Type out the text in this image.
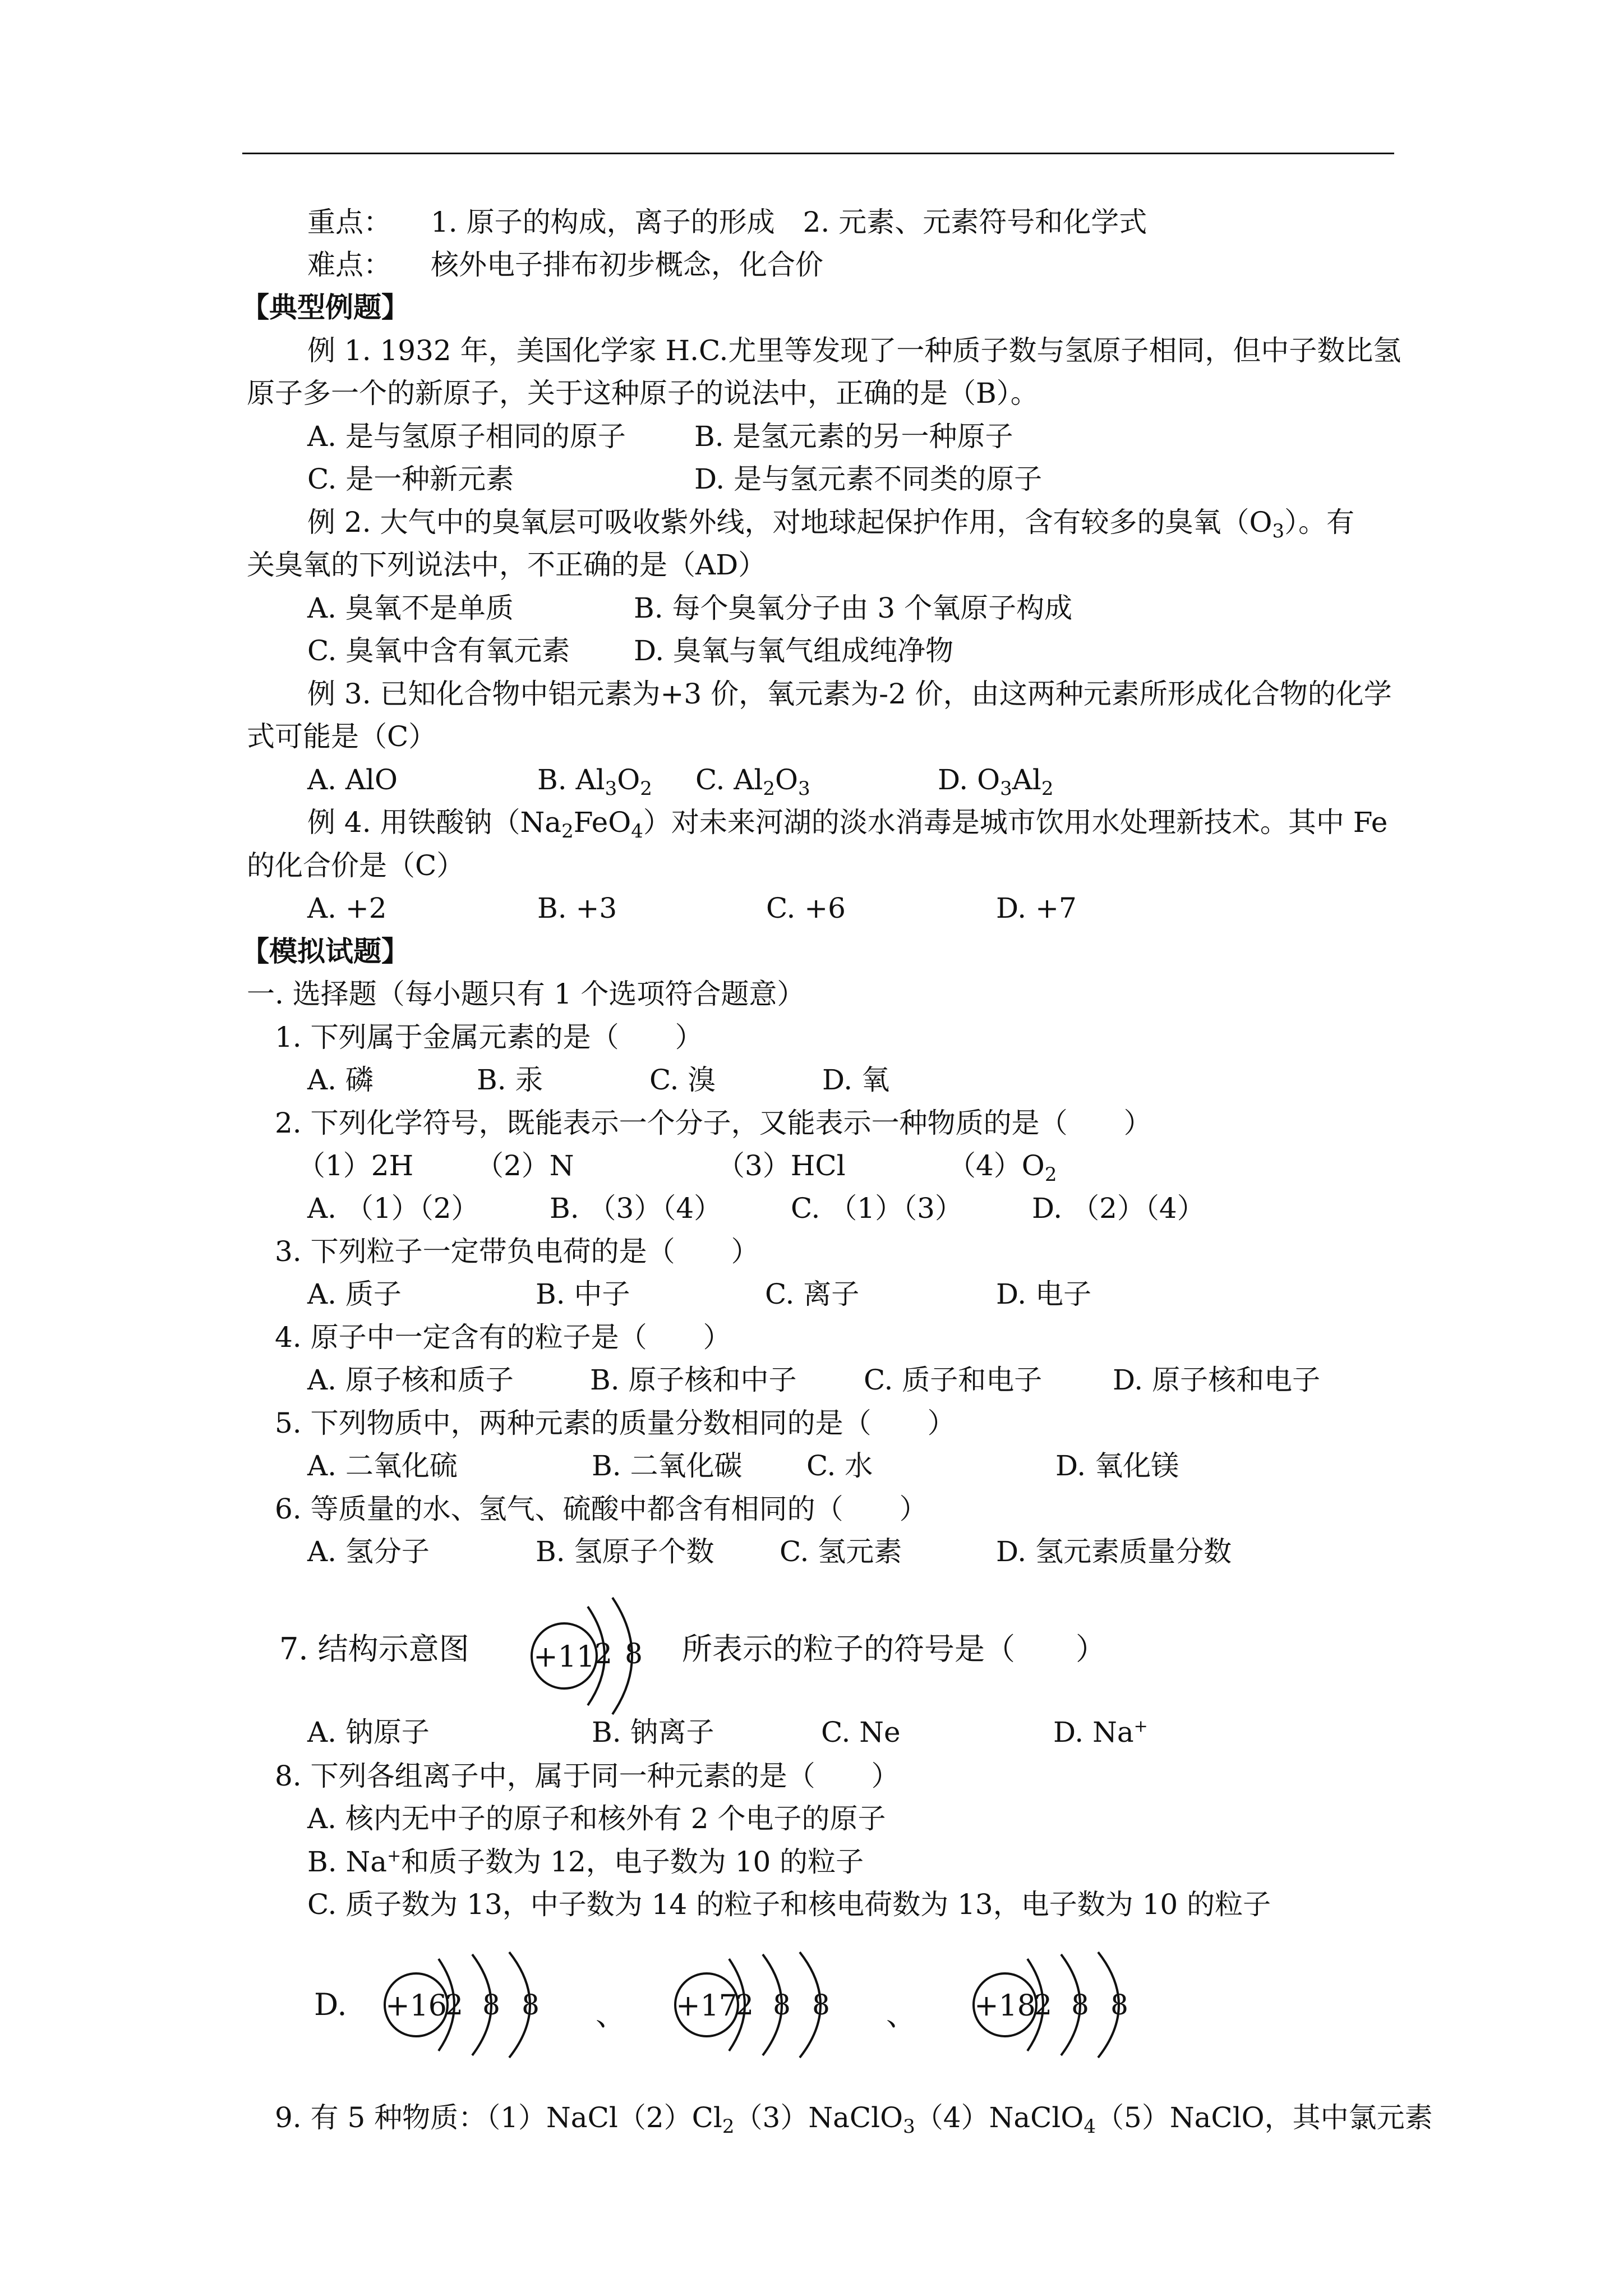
重点： 1. 原子的构成，离子的形成　2. 元素、元素符号和化学式
难点： 核外电子排布初步概念，化合价
【典型例题】
例 1. 1932 年，美国化学家 H.C.尤里等发现了一种质子数与氢原子相同，但中子数比氢
原子多一个的新原子，关于这种原子的说法中，正确的是（B）。
A. 是与氢原子相同的原子 B. 是氢元素的另一种原子
C. 是一种新元素	D. 是与氢元素不同类的原子
例 2. 大气中的臭氧层可吸收紫外线，对地球起保护作用，含有较多的臭氧$(O_3)$。有
关臭氧的下列说法中，不正确的是（AD）
A. 臭氧不是单质	B. 每个臭氧分子由 3 个氧原子构成
C. 臭氧中含有氧元素 D. 臭氧与氧气组成纯净物
例 3. 已知化合物中铝元素为+3 价，氧元素为-2 价，由这两种元素所形成化合物的化学
式可能是（C）
A. AlO	B. $Al_3O_2$ C. $Al_2O_3$	D. $O_3Al_2$
例 4. 用铁酸钠$(Na_2FeO_4)$对未来河湖的淡水消毒是城市饮用水处理新技术。其中 Fe
的化合价是（C）
A. +2	B. +3	C. +6	D. +7
【模拟试题】
一. 选择题（每小题只有 1 个选项符合题意）
1. 下列属于金属元素的是（　　）
A. 磷	B. 汞	C. 溴	D. 氧
2. 下列化学符号，既能表示一个分子，又能表示一种物质的是（　　）
（1）2H （2）N	（3）HCl	$(4)O_2$
A. （1）（2）	B. （3）（4） C. （1）（3） D. （2）（4）
3. 下列粒子一定带负电荷的是（　　）
A. 质子	B. 中子	C. 离子	D. 电子
4. 原子中一定含有的粒子是（　　）
A. 原子核和质子	B. 原子核和中子 C. 质子和电子	D. 原子核和电子
5. 下列物质中，两种元素的质量分数相同的是（　　）
A. 二氧化硫	B. 二氧化碳 C. 水	D. 氧化镁
6. 等质量的水、氢气、硫酸中都含有相同的（　　）
A. 氢分子	B. 氢原子个数 C. 氢元素	D. 氢元素质量分数
7. 结构示意图 +11 2 8 所表示的粒子的符号是（　　）
A. 钠原子	B. 钠离子	C. Ne	D. Na+
8. 下列各组离子中，属于同一种元素的是（　　）
A. 核内无中子的原子和核外有 2 个电子的原子
B. Na+和质子数为 12，电子数为 10 的粒子
C. 质子数为 13，中子数为 14 的粒子和核电荷数为 13，电子数为 10 的粒子
D. +16
2 8 8 、 +17
2 8 8 、 +18
2 8 8
9. 有 5 种物质：$(1)NaCl(2)Cl_2(3)NaClO_3(4)NaClO_4(5)NaClO$，其中氯元素
